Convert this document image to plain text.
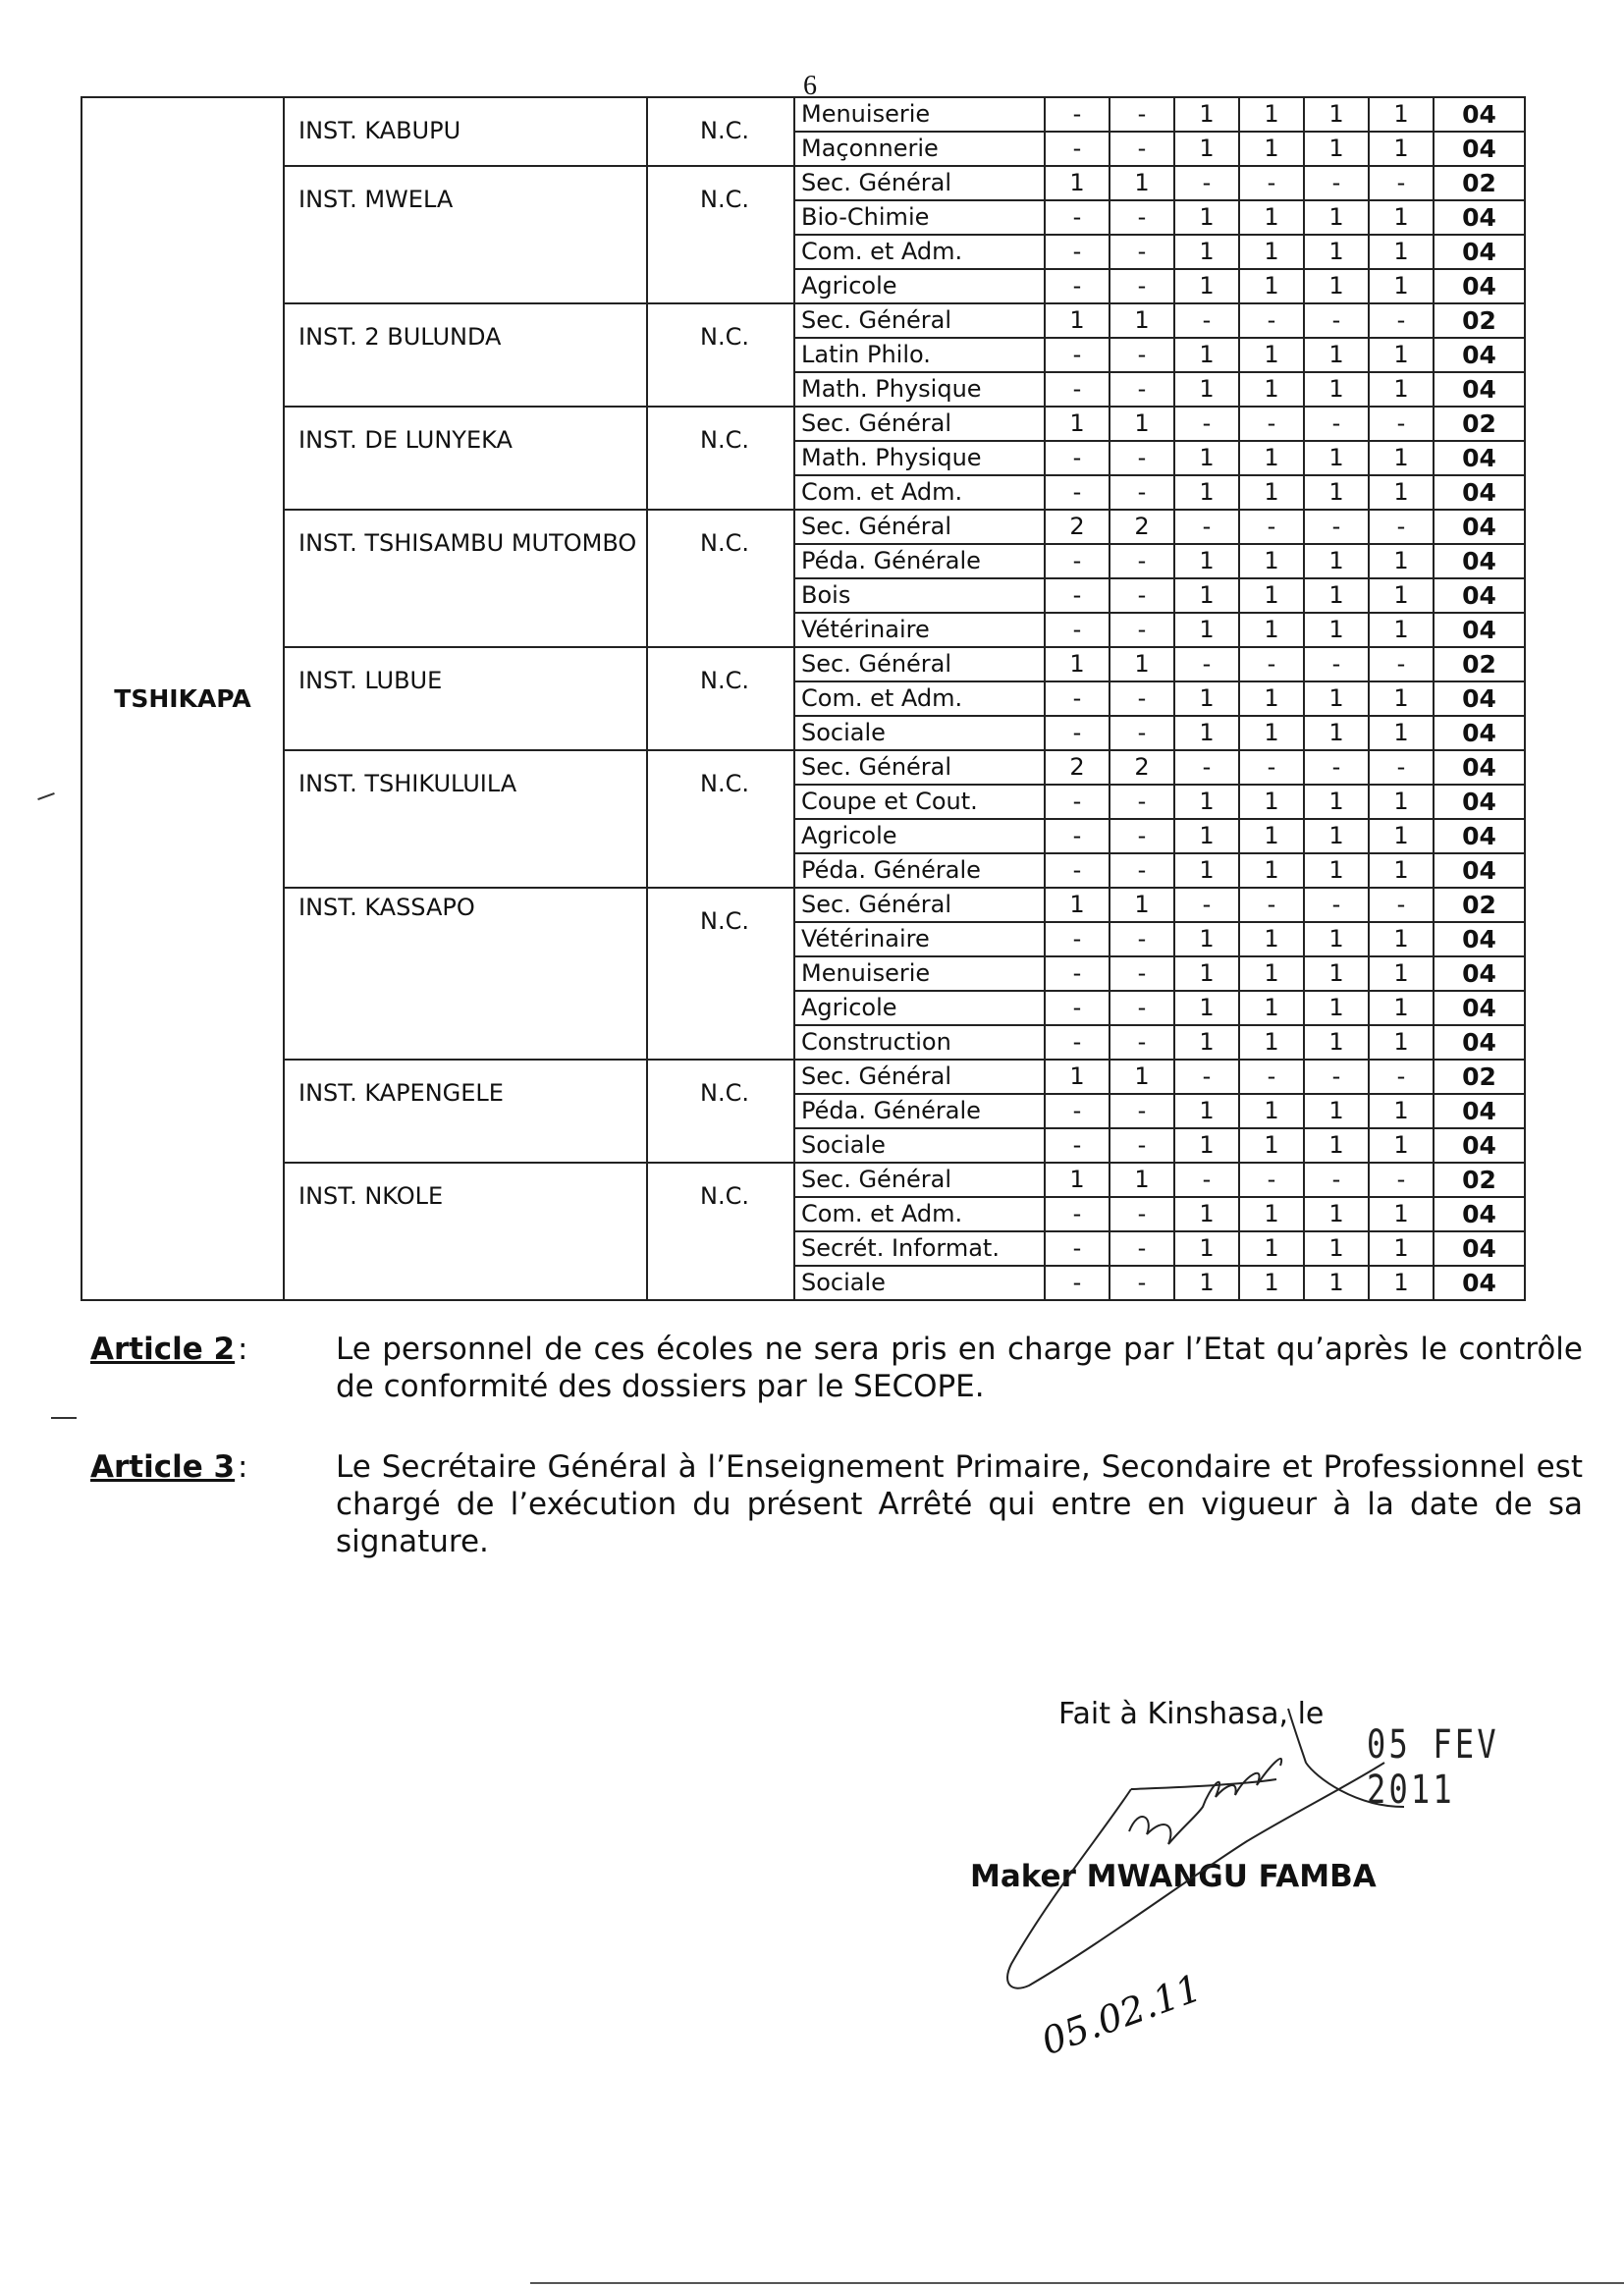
6
TSHIKAPA	INST. KABUPU	N.C.	Menuiserie	-	-	1	1	1	1	04
			Maçonnerie	-	-	1	1	1	1	04
	INST. MWELA	N.C.	Sec. Général	1	1	-	-	-	-	02
			Bio-Chimie	-	-	1	1	1	1	04
			Com. et Adm.	-	-	1	1	1	1	04
			Agricole	-	-	1	1	1	1	04
	INST. 2 BULUNDA	N.C.	Sec. Général	1	1	-	-	-	-	02
			Latin Philo.	-	-	1	1	1	1	04
			Math. Physique	-	-	1	1	1	1	04
	INST. DE LUNYEKA	N.C.	Sec. Général	1	1	-	-	-	-	02
			Math. Physique	-	-	1	1	1	1	04
			Com. et Adm.	-	-	1	1	1	1	04
	INST. TSHISAMBU MUTOMBO	N.C.	Sec. Général	2	2	-	-	-	-	04
			Péda. Générale	-	-	1	1	1	1	04
			Bois	-	-	1	1	1	1	04
			Vétérinaire	-	-	1	1	1	1	04
	INST. LUBUE	N.C.	Sec. Général	1	1	-	-	-	-	02
			Com. et Adm.	-	-	1	1	1	1	04
			Sociale	-	-	1	1	1	1	04
	INST. TSHIKULUILA	N.C.	Sec. Général	2	2	-	-	-	-	04
			Coupe et Cout.	-	-	1	1	1	1	04
			Agricole	-	-	1	1	1	1	04
			Péda. Générale	-	-	1	1	1	1	04
	INST. KASSAPO	N.C.	Sec. Général	1	1	-	-	-	-	02
			Vétérinaire	-	-	1	1	1	1	04
			Menuiserie	-	-	1	1	1	1	04
			Agricole	-	-	1	1	1	1	04
			Construction	-	-	1	1	1	1	04
	INST. KAPENGELE	N.C.	Sec. Général	1	1	-	-	-	-	02
			Péda. Générale	-	-	1	1	1	1	04
			Sociale	-	-	1	1	1	1	04
	INST. NKOLE	N.C.	Sec. Général	1	1	-	-	-	-	02
			Com. et Adm.	-	-	1	1	1	1	04
			Secrét. Informat.	-	-	1	1	1	1	04
			Sociale	-	-	1	1	1	1	04
Article 2 :	Le personnel de ces écoles ne sera pris en charge par l’Etat qu’après le contrôle de conformité des dossiers par le SECOPE.
Article 3 :	Le Secrétaire Général à l’Enseignement Primaire, Secondaire et Professionnel est chargé de l’exécution du présent Arrêté qui entre en vigueur à la date de sa signature.
Fait à Kinshasa, le
05 FEV 2011
Maker MWANGU FAMBA
05.02.11
